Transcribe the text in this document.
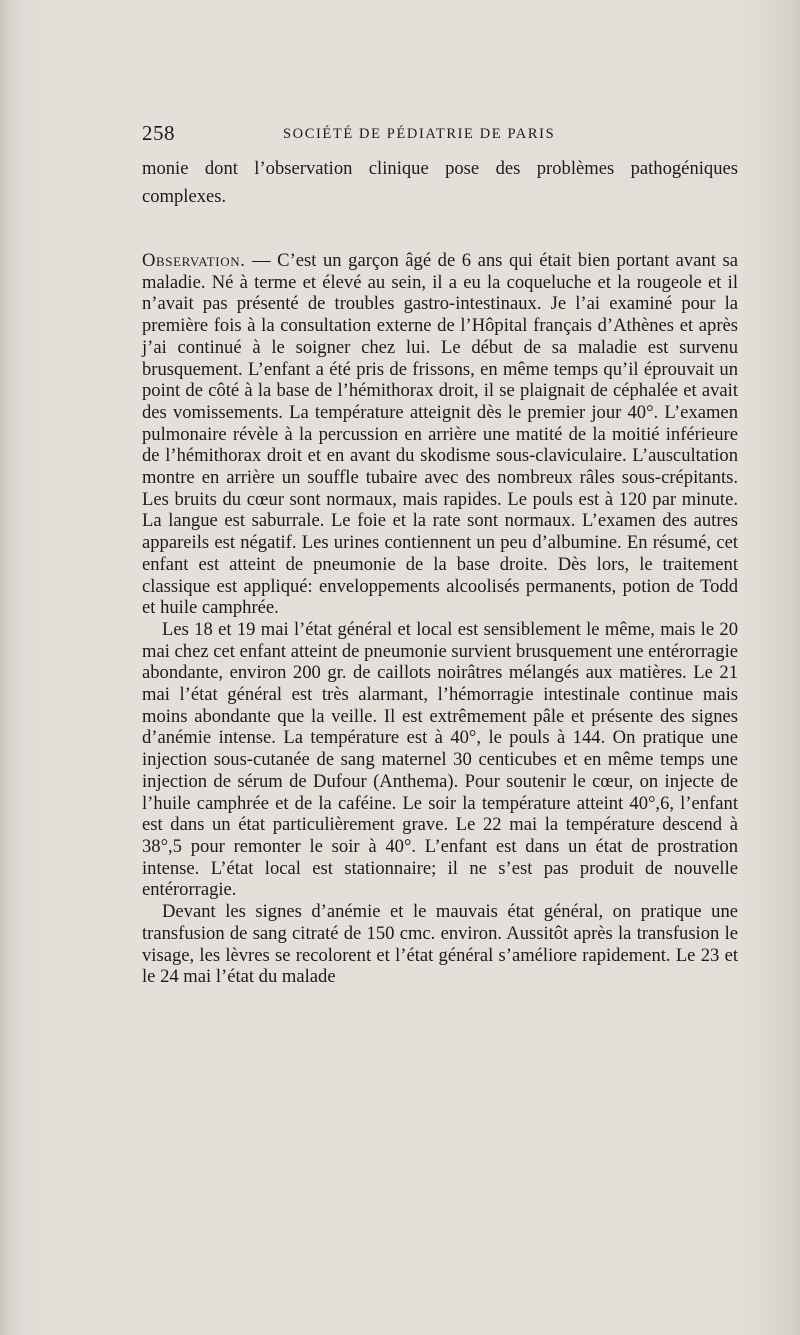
258	SOCIÉTÉ DE PÉDIATRIE DE PARIS

monie dont l’observation clinique pose des problèmes pathogéniques complexes.

Observation. — C’est un garçon âgé de 6 ans qui était bien portant avant sa maladie. Né à terme et élevé au sein, il a eu la coqueluche et la rougeole et il n’avait pas présenté de troubles gastro-intestinaux. Je l’ai examiné pour la première fois à la consultation externe de l’Hôpital français d’Athènes et après j’ai continué à le soigner chez lui. Le début de sa maladie est survenu brusquement. L’enfant a été pris de frissons, en même temps qu’il éprouvait un point de côté à la base de l’hémithorax droit, il se plaignait de céphalée et avait des vomissements. La température atteignit dès le premier jour 40°. L’examen pulmonaire révèle à la percussion en arrière une matité de la moitié inférieure de l’hémithorax droit et en avant du skodisme sous-claviculaire. L’auscultation montre en arrière un souffle tubaire avec des nombreux râles sous-crépitants. Les bruits du cœur sont normaux, mais rapides. Le pouls est à 120 par minute. La langue est saburrale. Le foie et la rate sont normaux. L’examen des autres appareils est négatif. Les urines contiennent un peu d’albumine. En résumé, cet enfant est atteint de pneumonie de la base droite. Dès lors, le traitement classique est appliqué: enveloppements alcoolisés permanents, potion de Todd et huile camphrée.

Les 18 et 19 mai l’état général et local est sensiblement le même, mais le 20 mai chez cet enfant atteint de pneumonie survient brusquement une entérorragie abondante, environ 200 gr. de caillots noirâtres mélangés aux matières. Le 21 mai l’état général est très alarmant, l’hémorragie intestinale continue mais moins abondante que la veille. Il est extrêmement pâle et présente des signes d’anémie intense. La température est à 40°, le pouls à 144. On pratique une injection sous-cutanée de sang maternel 30 centicubes et en même temps une injection de sérum de Dufour (Anthema). Pour soutenir le cœur, on injecte de l’huile camphrée et de la caféine. Le soir la température atteint 40°,6, l’enfant est dans un état particulièrement grave. Le 22 mai la température descend à 38°,5 pour remonter le soir à 40°. L’enfant est dans un état de prostration intense. L’état local est stationnaire; il ne s’est pas produit de nouvelle entérorragie.

Devant les signes d’anémie et le mauvais état général, on pratique une transfusion de sang citraté de 150 cmc. environ. Aussitôt après la transfusion le visage, les lèvres se recolorent et l’état général s’améliore rapidement. Le 23 et le 24 mai l’état du malade
